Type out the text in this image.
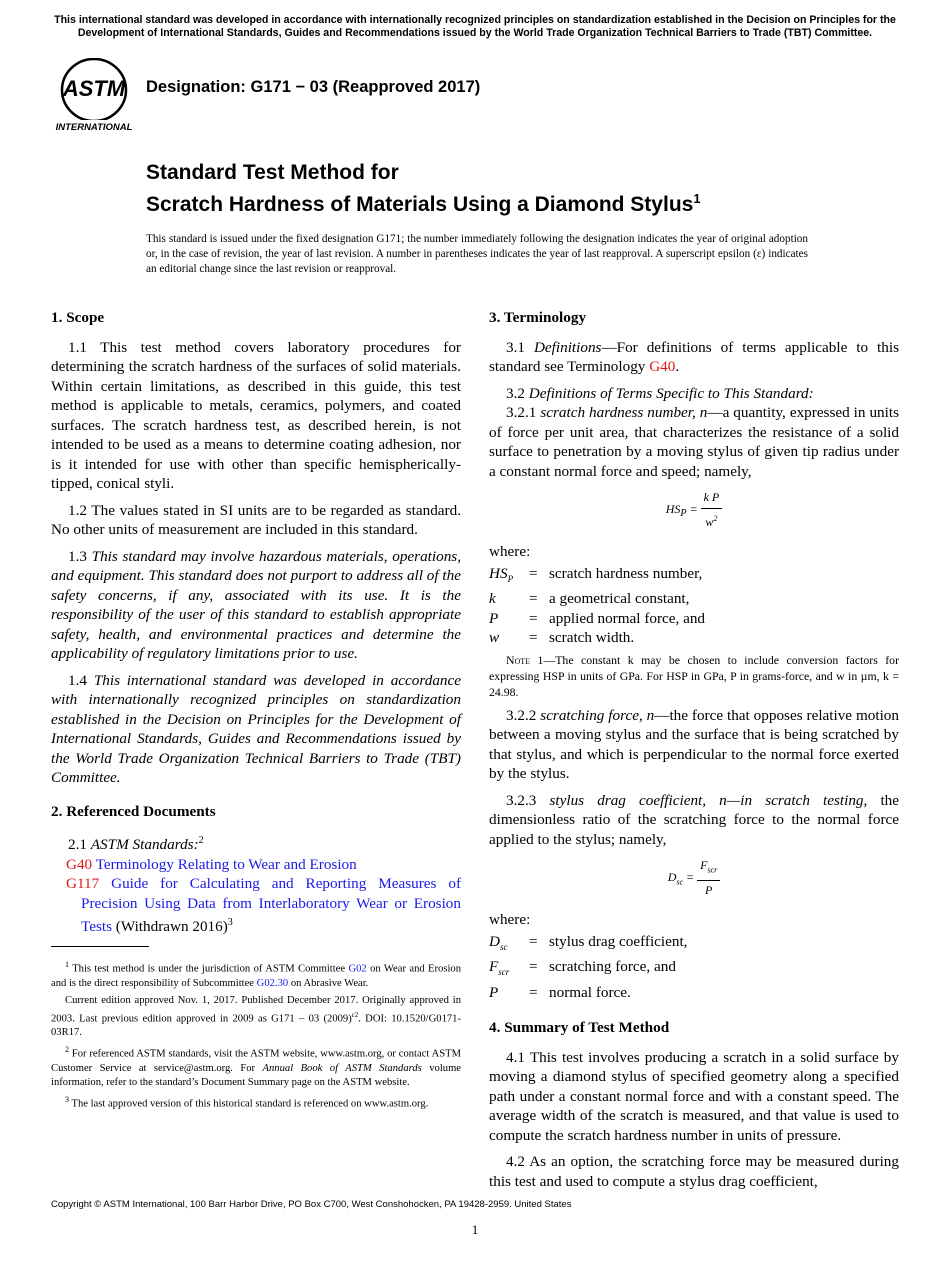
This international standard was developed in accordance with internationally recognized principles on standardization established in the Decision on Principles for the Development of International Standards, Guides and Recommendations issued by the World Trade Organization Technical Barriers to Trade (TBT) Committee.
ASTM
INTERNATIONAL
Designation: G171 − 03 (Reapproved 2017)
Standard Test Method for
Scratch Hardness of Materials Using a Diamond Stylus$^1$
This standard is issued under the fixed designation G171; the number immediately following the designation indicates the year of original adoption or, in the case of revision, the year of last revision. A number in parentheses indicates the year of last reapproval. A superscript epsilon (ε) indicates an editorial change since the last revision or reapproval.
1. Scope

1.1 This test method covers laboratory procedures for determining the scratch hardness of the surfaces of solid materials. Within certain limitations, as described in this guide, this test method is applicable to metals, ceramics, polymers, and coated surfaces. The scratch hardness test, as described herein, is not intended to be used as a means to determine coating adhesion, nor is it intended for use with other than specific hemispherically-tipped, conical styli.

1.2 The values stated in SI units are to be regarded as standard. No other units of measurement are included in this standard.

1.3 This standard may involve hazardous materials, operations, and equipment. This standard does not purport to address all of the safety concerns, if any, associated with its use. It is the responsibility of the user of this standard to establish appropriate safety, health, and environmental practices and determine the applicability of regulatory limitations prior to use.

1.4 This international standard was developed in accordance with internationally recognized principles on standardization established in the Decision on Principles for the Development of International Standards, Guides and Recommendations issued by the World Trade Organization Technical Barriers to Trade (TBT) Committee.

2. Referenced Documents

2.1 ASTM Standards:$^2$

G40 Terminology Relating to Wear and Erosion
G117 Guide for Calculating and Reporting Measures of Precision Using Data from Interlaboratory Wear or Erosion Tests (Withdrawn 2016)$^3$

$^1$ This test method is under the jurisdiction of ASTM Committee G02 on Wear and Erosion and is the direct responsibility of Subcommittee G02.30 on Abrasive Wear.

Current edition approved Nov. 1, 2017. Published December 2017. Originally approved in 2003. Last previous edition approved in 2009 as G171 – 03 $(2009)^{\varepsilon 2}$. DOI: 10.1520/G0171-03R17.

$^2$ For referenced ASTM standards, visit the ASTM website, www.astm.org, or contact ASTM Customer Service at service@astm.org. For Annual Book of ASTM Standards volume information, refer to the standard’s Document Summary page on the ASTM website.

$^3$ The last approved version of this historical standard is referenced on www.astm.org.

3. Terminology

3.1 Definitions—For definitions of terms applicable to this standard see Terminology G40.

3.2 Definitions of Terms Specific to This Standard:

3.2.1 scratch hardness number, n—a quantity, expressed in units of force per unit area, that characterizes the resistance of a solid surface to penetration by a moving stylus of given tip radius under a constant normal force and speed; namely,

$HS_P = \frac{\text{k P}}{w^2}$

where:

$HS_P$	= scratch hardness number,
k	= a geometrical constant,
P	= applied normal force, and
w	= scratch width.

Note 1—The constant k may be chosen to include conversion factors for expressing HSP in units of GPa. For HSP in GPa, P in grams-force, and w in µm, k = 24.98.

3.2.2 scratching force, n—the force that opposes relative motion between a moving stylus and the surface that is being scratched by that stylus, and which is perpendicular to the normal force exerted by the stylus.

3.2.3 stylus drag coefficient, n—in scratch testing, the dimensionless ratio of the scratching force to the normal force applied to the stylus; namely,

$D_{sc} = \frac{F_{scr}}{P}$

where:

$D_{sc}$	= stylus drag coefficient,
$F_{scr}$	= scratching force, and
P	= normal force.
4. Summary of Test Method

4.1 This test involves producing a scratch in a solid surface by moving a diamond stylus of specified geometry along a specified path under a constant normal force and with a constant speed. The average width of the scratch is measured, and that value is used to compute the scratch hardness number in units of pressure.

4.2 As an option, the scratching force may be measured during this test and used to compute a stylus drag coefficient,

Copyright © ASTM International, 100 Barr Harbor Drive, PO Box C700, West Conshohocken, PA 19428-2959. United States
1
